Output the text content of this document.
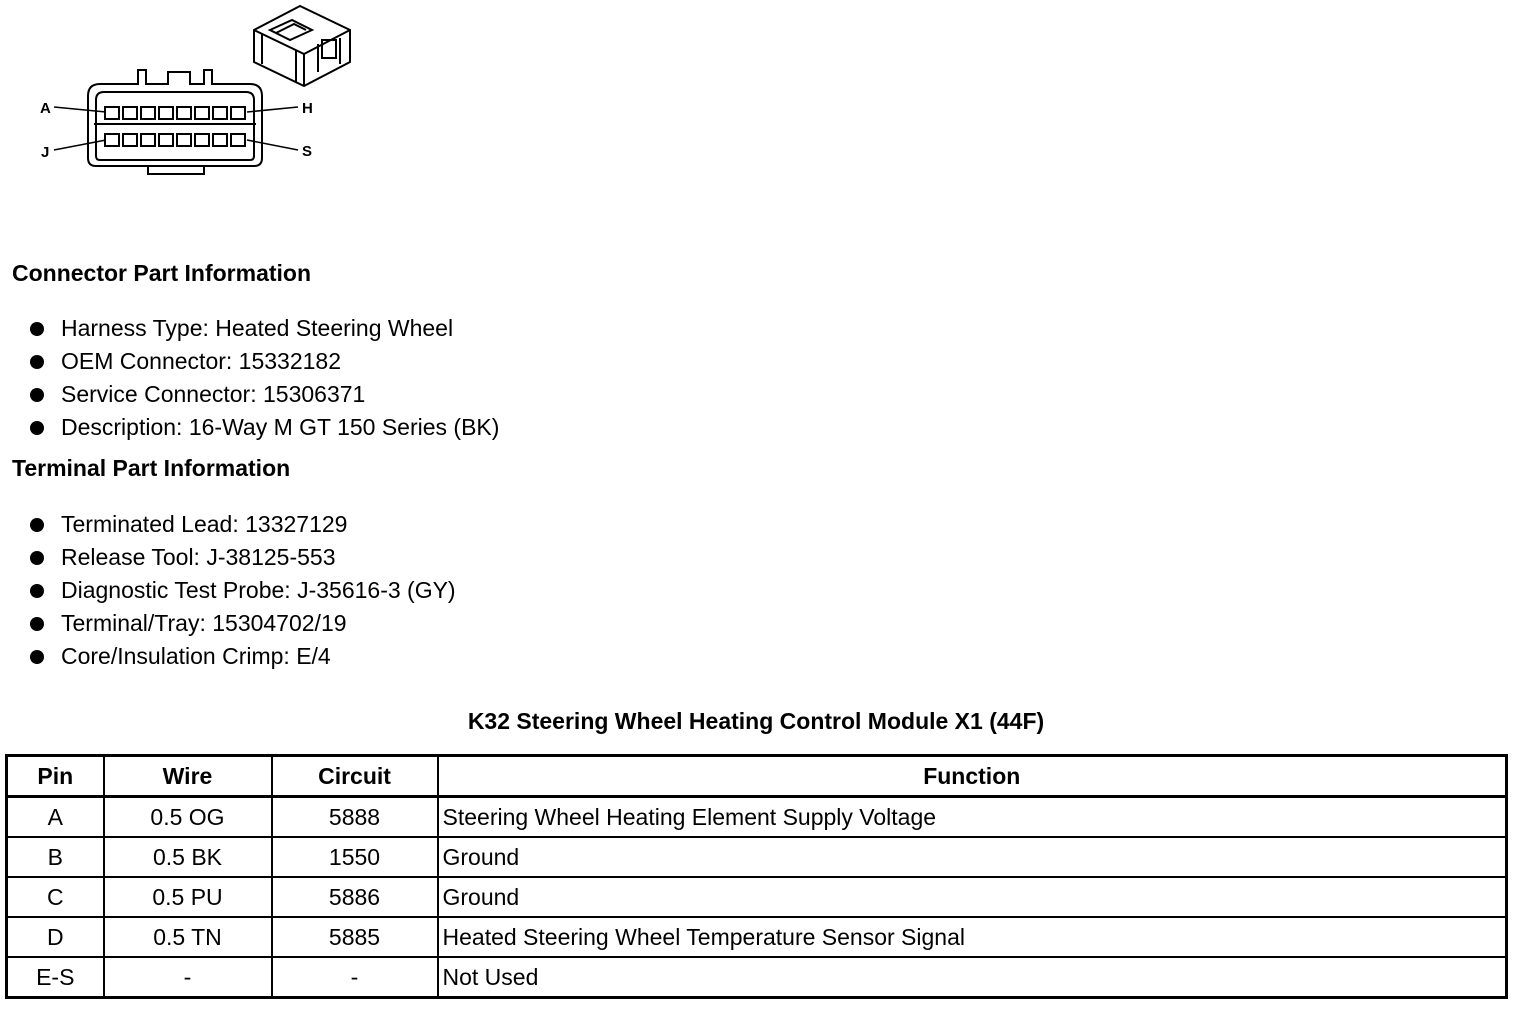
A	H
J	S
Connector Part Information
Harness Type: Heated Steering Wheel
OEM Connector: 15332182
Service Connector: 15306371
Description: 16-Way M GT 150 Series (BK)
Terminal Part Information
Terminated Lead: 13327129
Release Tool: J-38125-553
Diagnostic Test Probe: J-35616-3 (GY)
Terminal/Tray: 15304702/19
Core/Insulation Crimp: E/4
K32 Steering Wheel Heating Control Module X1 (44F)
Pin	Wire	Circuit	Function
A	0.5 OG	5888	Steering Wheel Heating Element Supply Voltage
B	0.5 BK	1550	Ground
C	0.5 PU	5886	Ground
D	0.5 TN	5885	Heated Steering Wheel Temperature Sensor Signal
E-S	-	-	Not Used
